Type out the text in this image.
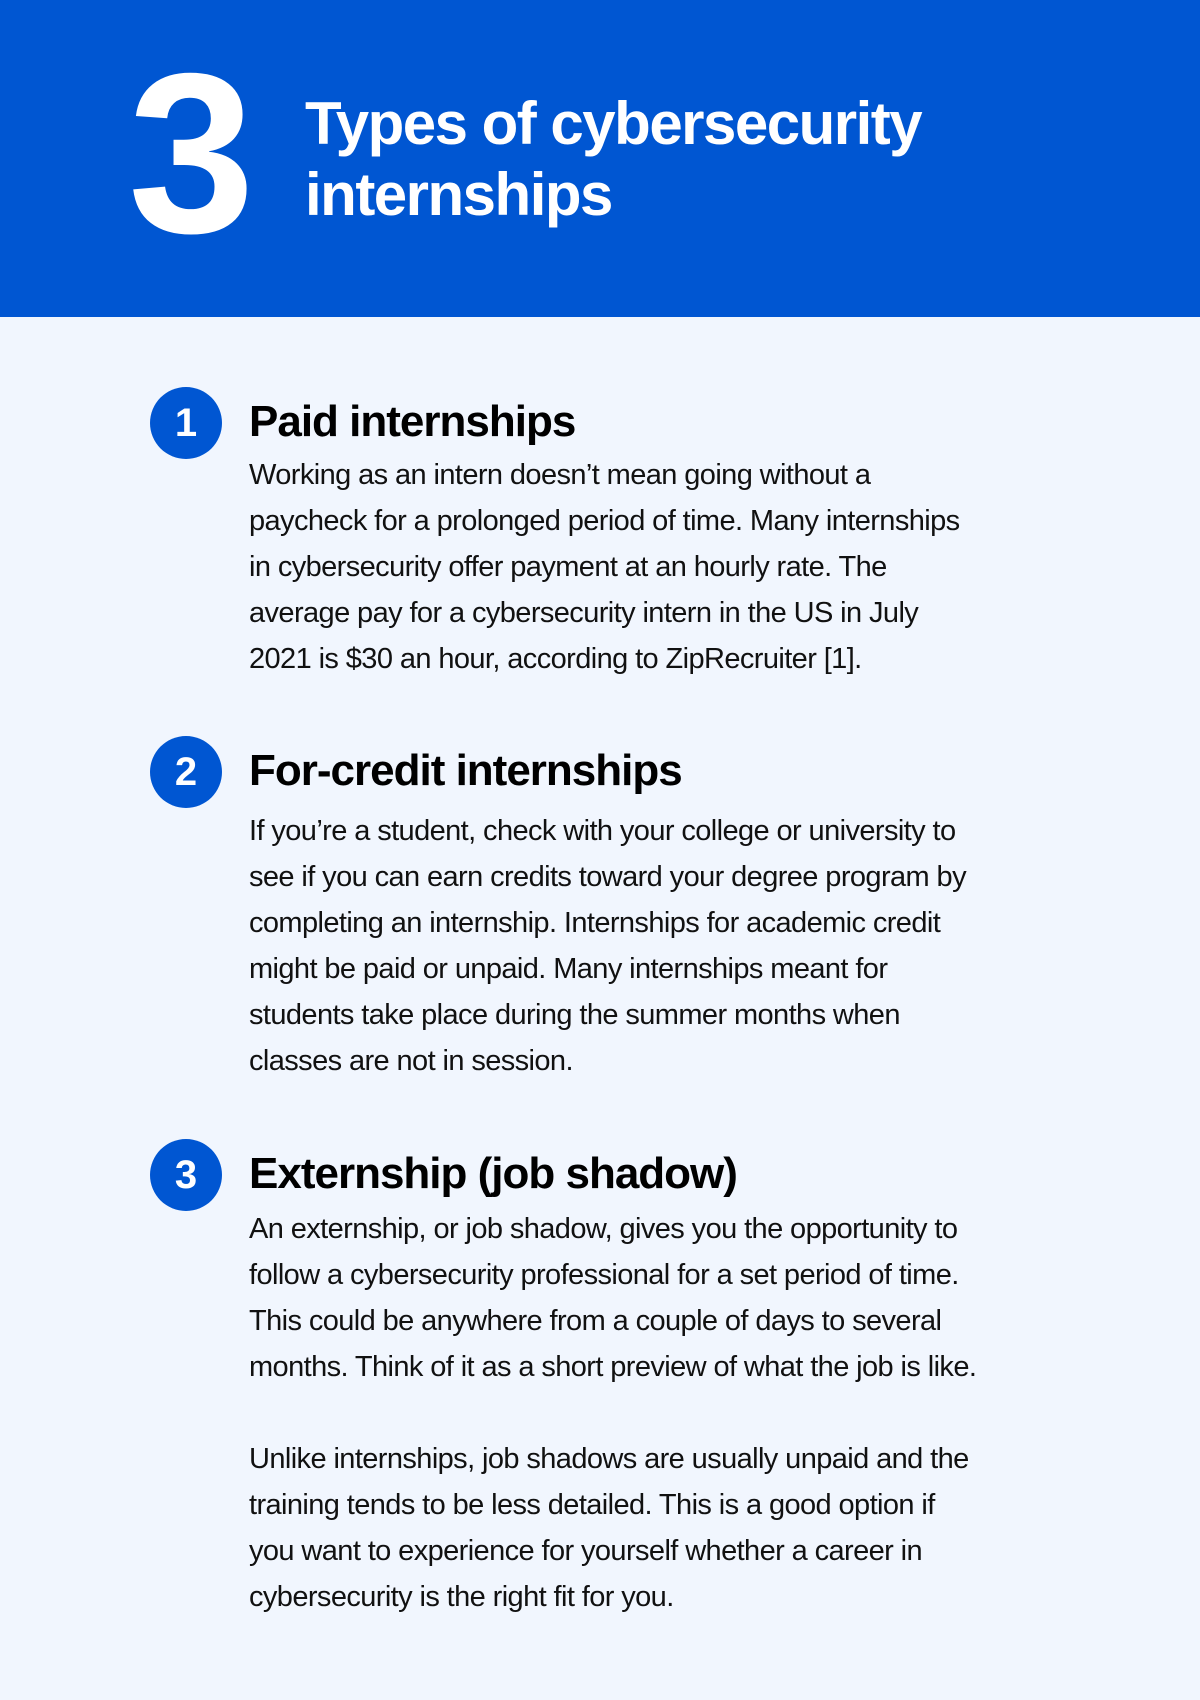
3 Types of cybersecurity
internships
1	Paid internships
Working as an intern doesn’t mean going without a
paycheck for a prolonged period of time. Many internships
in cybersecurity offer payment at an hourly rate. The
average pay for a cybersecurity intern in the US in July
2021 is $30 an hour, according to ZipRecruiter [1].
2	For-credit internships
If you’re a student, check with your college or university to
see if you can earn credits toward your degree program by
completing an internship. Internships for academic credit
might be paid or unpaid. Many internships meant for
students take place during the summer months when
classes are not in session.
3	Externship (job shadow)
An externship, or job shadow, gives you the opportunity to
follow a cybersecurity professional for a set period of time.
This could be anywhere from a couple of days to several
months. Think of it as a short preview of what the job is like.
Unlike internships, job shadows are usually unpaid and the
training tends to be less detailed. This is a good option if
you want to experience for yourself whether a career in
cybersecurity is the right fit for you.
